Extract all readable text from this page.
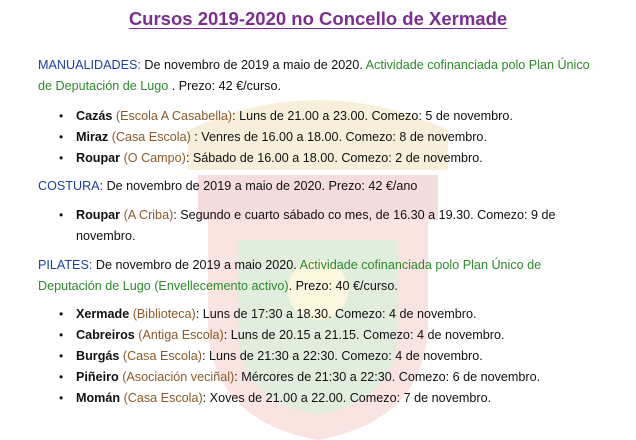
Cursos 2019-2020 no Concello de Xermade
MANUALIDADES: De novembro de 2019 a maio de 2020. Actividade cofinanciada polo Plan Único de Deputación de Lugo . Prezo: 42 €/curso.
• Cazás (Escola A Casabella): Luns de 21.00 a 23.00. Comezo: 5 de novembro.
• Miraz (Casa Escola) : Venres de 16.00 a 18.00. Comezo: 8 de novembro.
• Roupar (O Campo): Sábado de 16.00 a 18.00. Comezo: 2 de novembro.
COSTURA: De novembro de 2019 a maio de 2020. Prezo: 42 €/ano
• Roupar (A Criba): Segundo e cuarto sábado co mes, de 16.30 a 19.30. Comezo: 9 de novembro.
PILATES: De novembro de 2019 a maio 2020. Actividade cofinanciada polo Plan Único de Deputación de Lugo (Envellecemento activo). Prezo: 40 €/curso.
• Xermade (Biblioteca): Luns de 17:30 a 18.30. Comezo: 4 de novembro.
• Cabreiros (Antiga Escola): Luns de 20.15 a 21.15. Comezo: 4 de novembro.
• Burgás (Casa Escola): Luns de 21:30 a 22:30. Comezo: 4 de novembro.
• Piñeiro (Asociación veciñal): Mércores de 21:30 a 22:30. Comezo: 6 de novembro.
• Momán (Casa Escola): Xoves de 21.00 a 22.00. Comezo: 7 de novembro.
